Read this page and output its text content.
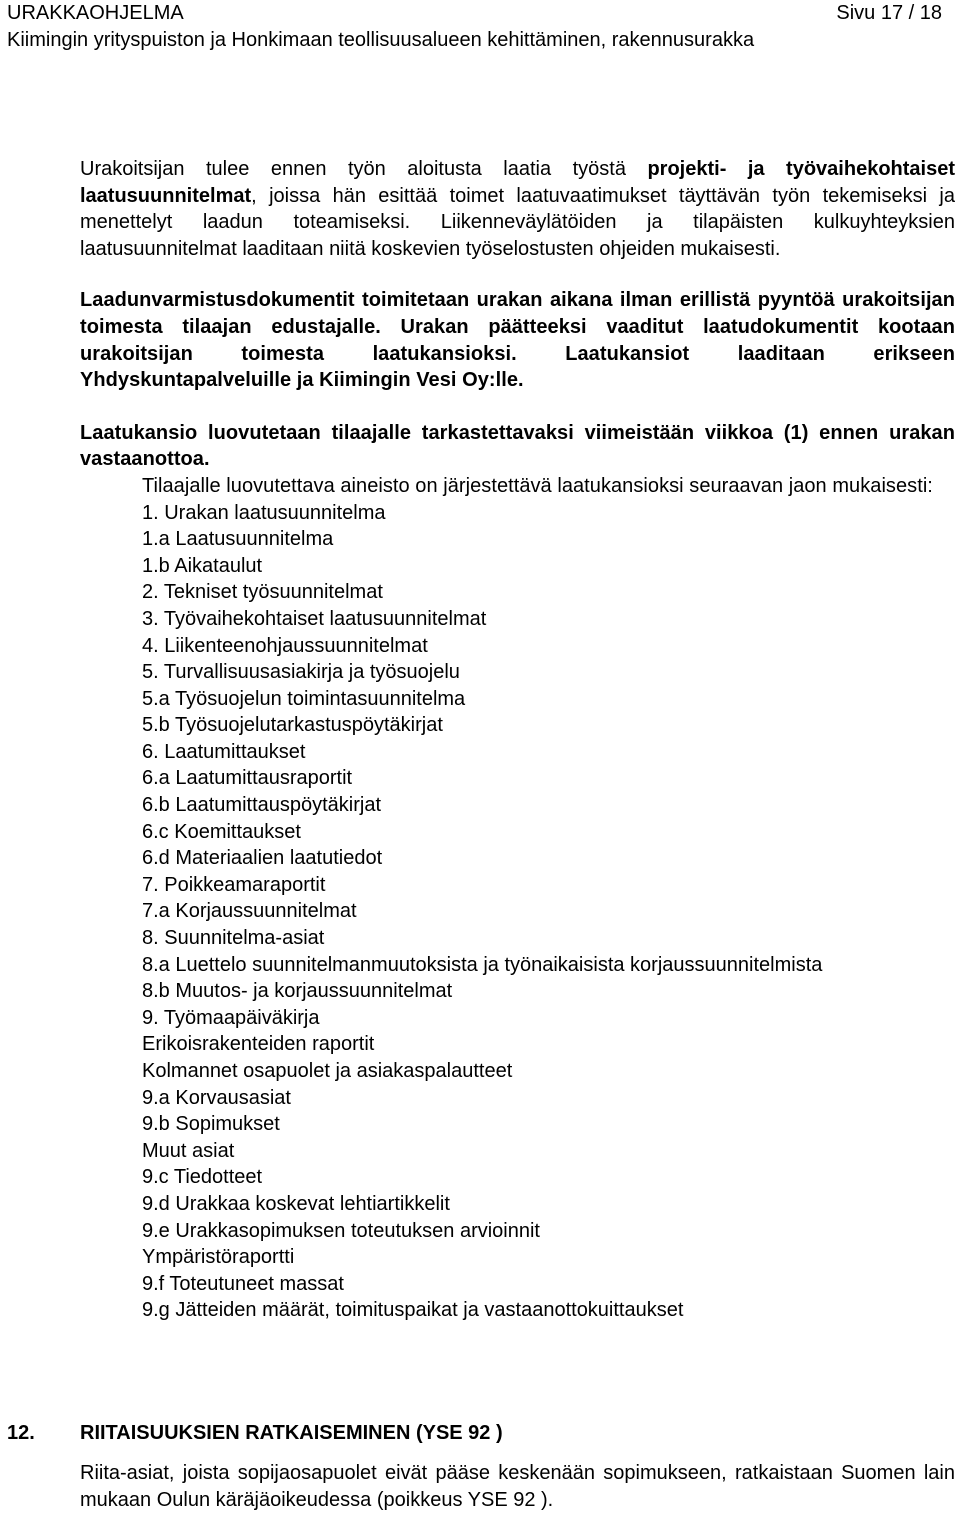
URAKKAOHJELMA	Sivu 17 / 18
Kiimingin yrityspuiston ja Honkimaan teollisuusalueen kehittäminen, rakennusurakka

Urakoitsijan tulee ennen työn aloitusta laatia työstä projekti- ja työvaihekohtaiset laatusuunnitelmat, joissa hän esittää toimet laatuvaatimukset täyttävän työn tekemiseksi ja menettelyt laadun toteamiseksi. Liikenneväylätöiden ja tilapäisten kulkuyhteyksien laatusuunnitelmat laaditaan niitä koskevien työselostusten ohjeiden mukaisesti.

Laadunvarmistusdokumentit toimitetaan urakan aikana ilman erillistä pyyntöä urakoitsijan toimesta tilaajan edustajalle. Urakan päätteeksi vaaditut laatudokumentit kootaan urakoitsijan toimesta laatukansioksi. Laatukansiot laaditaan erikseen Yhdyskuntapalveluille ja Kiimingin Vesi Oy:lle.

Laatukansio luovutetaan tilaajalle tarkastettavaksi viimeistään viikkoa (1) ennen urakan vastaanottoa.
Tilaajalle luovutettava aineisto on järjestettävä laatukansioksi seuraavan jaon mukaisesti:
1. Urakan laatusuunnitelma
1.a Laatusuunnitelma
1.b Aikataulut
2. Tekniset työsuunnitelmat
3. Työvaihekohtaiset laatusuunnitelmat
4. Liikenteenohjaussuunnitelmat
5. Turvallisuusasiakirja ja työsuojelu
5.a Työsuojelun toimintasuunnitelma
5.b Työsuojelutarkastuspöytäkirjat
6. Laatumittaukset
6.a Laatumittausraportit
6.b Laatumittauspöytäkirjat
6.c Koemittaukset
6.d Materiaalien laatutiedot
7. Poikkeamaraportit
7.a Korjaussuunnitelmat
8. Suunnitelma-asiat
8.a Luettelo suunnitelmanmuutoksista ja työnaikaisista korjaussuunnitelmista
8.b Muutos- ja korjaussuunnitelmat
9. Työmaapäiväkirja
Erikoisrakenteiden raportit
Kolmannet osapuolet ja asiakaspalautteet
9.a Korvausasiat
9.b Sopimukset
Muut asiat
9.c Tiedotteet
9.d Urakkaa koskevat lehtiartikkelit
9.e Urakkasopimuksen toteutuksen arvioinnit
Ympäristöraportti
9.f Toteutuneet massat
9.g Jätteiden määrät, toimituspaikat ja vastaanottokuittaukset
12.	RIITAISUUKSIEN RATKAISEMINEN (YSE 92 )
Riita-asiat, joista sopijaosapuolet eivät pääse keskenään sopimukseen, ratkaistaan Suomen lain mukaan Oulun käräjäoikeudessa (poikkeus YSE 92 ).
